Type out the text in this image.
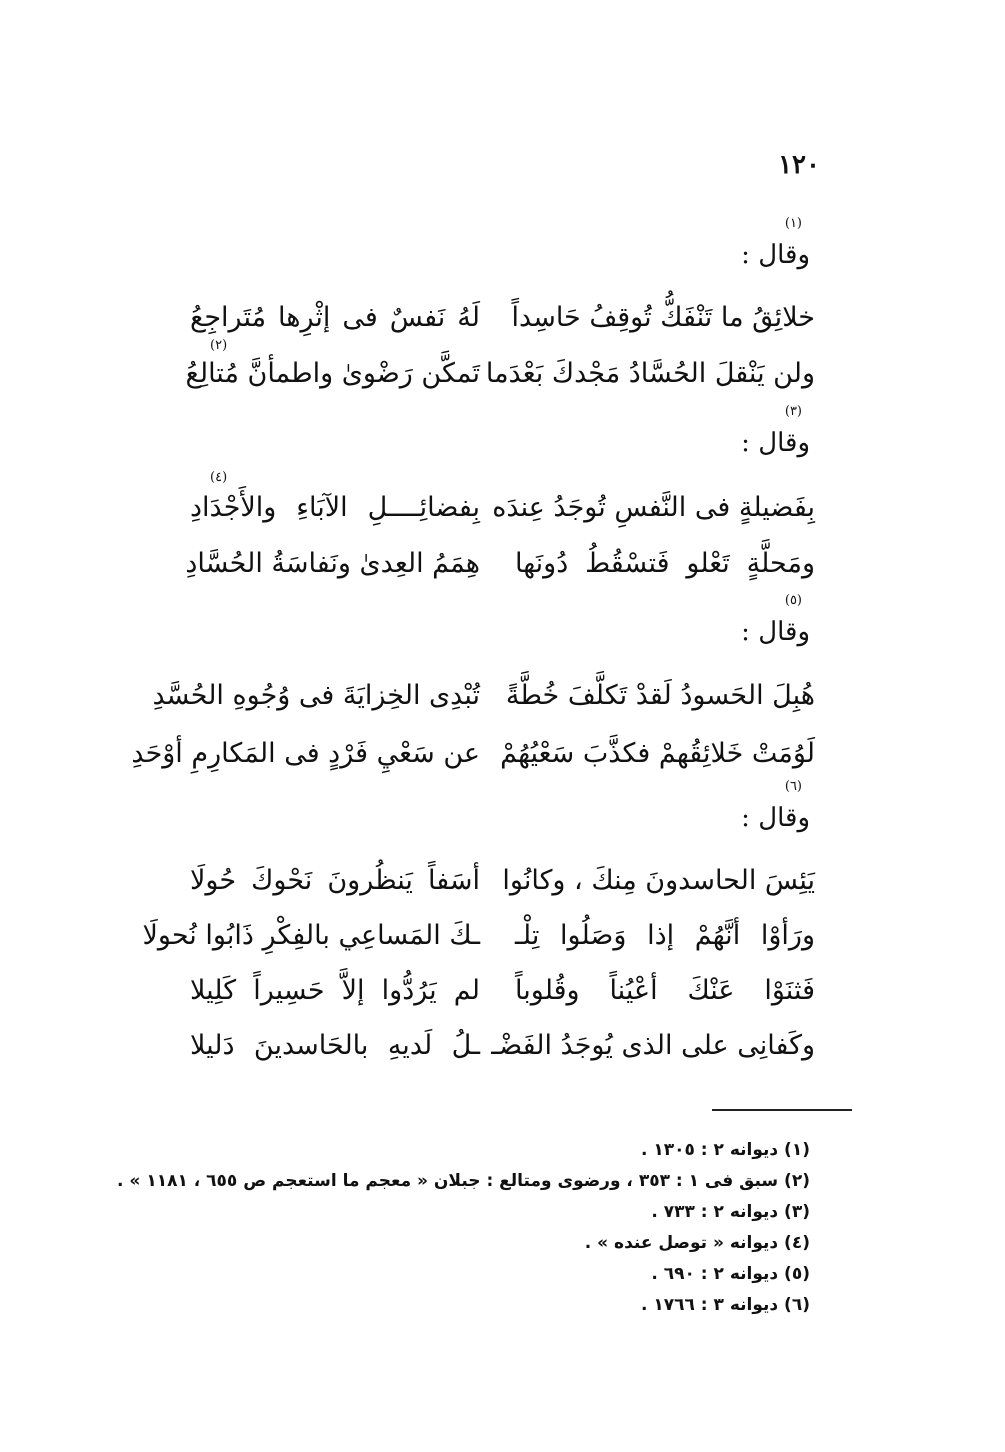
١٢٠
(١)
وقال :
خلائِقُ ما تَنْفَكُّ تُوقِفُ حَاسِداً
لَهُ نَفسٌ فى إثْرِها مُتَراجِعُ
ولن يَنْقلَ الحُسَّادُ مَجْدكَ بَعْدَما
تَمكَّن رَضْوىٰ واطمأنَّ مُتالِعُ
(٢)
(٣)
وقال :
بِفَضيلةٍ فى النَّفسِ تُوجَدُ عِندَه
بِفضائِــــلِ الآبَاءِ والأَجْدَادِ
(٤)
ومَحلَّةٍ تَعْلو فَتسْقُطُ دُونَها
هِمَمُ العِدىٰ ونَفاسَةُ الحُسَّادِ
(٥)
وقال :
هُبِلَ الحَسودُ لَقدْ تَكلَّفَ خُطَّةً
تُبْدِى الخِزايَةَ فى وُجُوهِ الحُسَّدِ
لَوُمَتْ خَلائِقُهمْ فكذَّبَ سَعْيُهُمْ
عن سَعْيِ فَرْدٍ فى المَكارِمِ أوْحَدِ
(٦)
وقال :
يَئِسَ الحاسدونَ مِنكَ ، وكانُوا
أسَفاً يَنظُرونَ نَحْوكَ حُولَا
ورَأوْا أنَّهُمْ إذا وَصَلُوا تِلْـ
ـكَ المَساعِي بالفِكْرِ ذَابُوا نُحولَا
فَثنَوْا عَنْكَ أعْيُناً وقُلوباً
لم يَرُدُّوا إلاَّ حَسِيراً كَلِيلا
وكَفانِى على الذى يُوجَدُ الفَضْـ
ـلُ لَديهِ بالحَاسدينَ دَليلا
(١) ديوانه ٢ : ١٣٠٥ .
(٢) سبق فى ١ : ٣٥٣ ، ورضوى ومتالع : جبلان « معجم ما استعجم ص ٦٥٥ ، ١١٨١ » .
(٣) ديوانه ٢ : ٧٣٣ .
(٤) ديوانه « توصل عنده » .
(٥) ديوانه ٢ : ٦٩٠ .
(٦) ديوانه ٣ : ١٧٦٦ .
